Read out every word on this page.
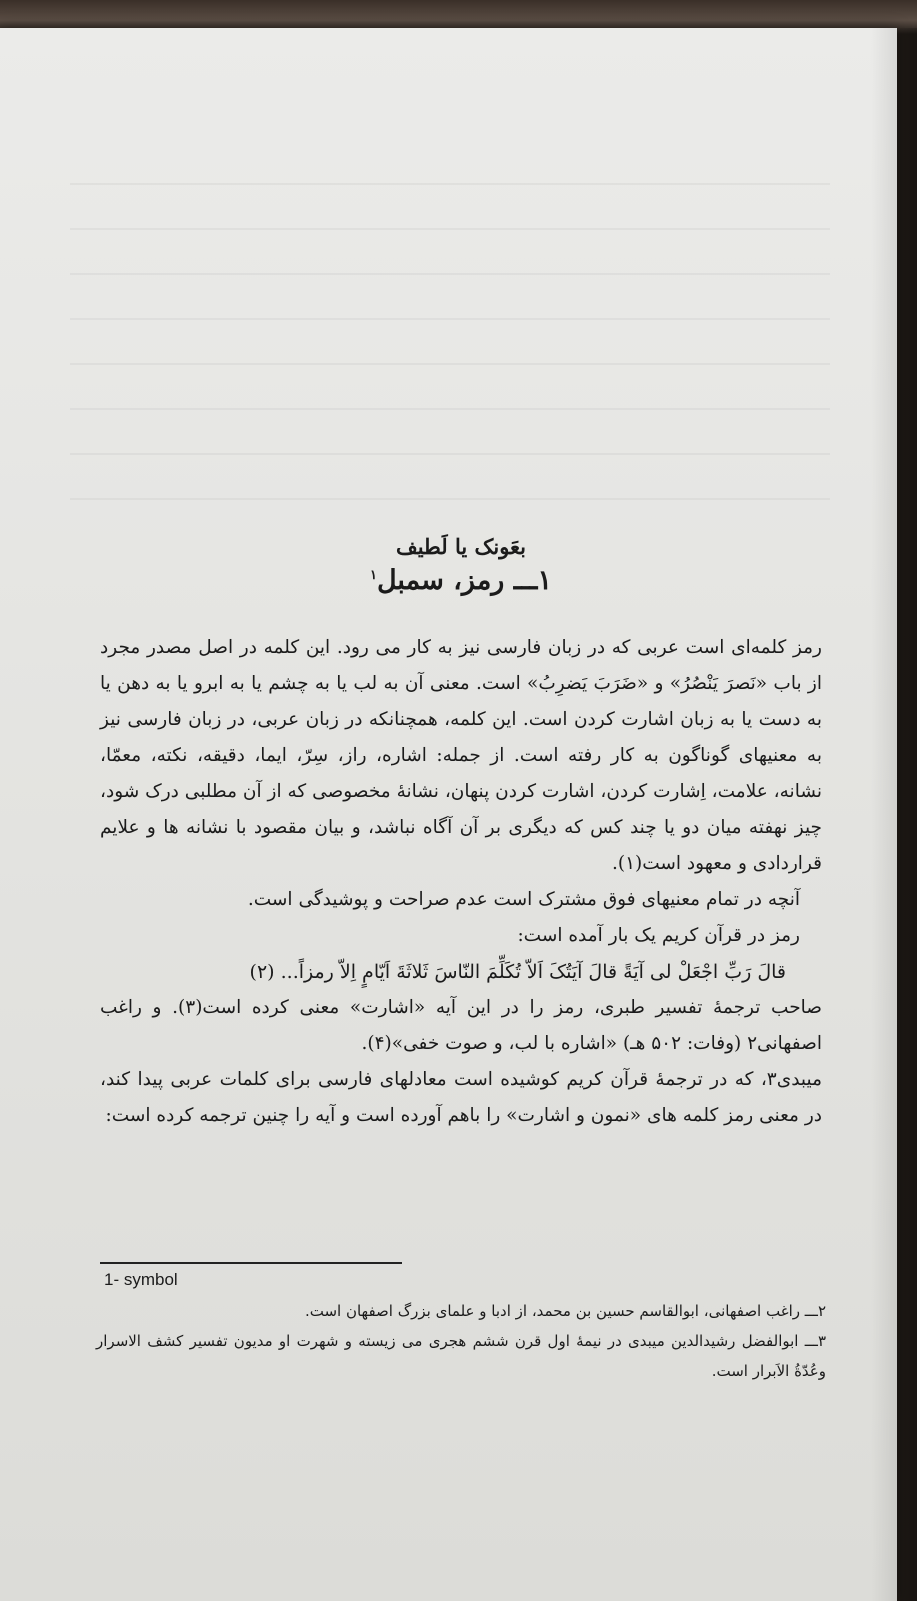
بعَونک یا لَطیف
۱ـــ رمز، سمبل$^۱$

رمز کلمه‌ای است عربی که در زبان فارسی نیز به کار می رود. این کلمه در اصل مصدر مجرد از باب «نَصرَ یَنْصُرُ» و «ضَرَبَ یَضرِبُ» است. معنی آن به لب یا به چشم یا به ابرو یا به دهن یا به دست یا به زبان اشارت کردن است. این کلمه، همچنانکه در زبان عربی، در زبان فارسی نیز به معنیهای گوناگون به کار رفته است. از جمله: اشاره، راز، سِرّ، ایما، دقیقه، نکته، معمّا، نشانه، علامت، اِشارت کردن، اشارت کردن پنهان، نشانهٔ مخصوصی که از آن مطلبی درک شود، چیز نهفته میان دو یا چند کس که دیگری بر آن آگاه نباشد، و بیان مقصود با نشانه ها و علایم قراردادی و معهود است(۱).

آنچه در تمام معنیهای فوق مشترک است عدم صراحت و پوشیدگی است.

رمز در قرآن کریم یک بار آمده است:

قالَ رَبِّ اجْعَلْ لی آیَةً قالَ آیَتُکَ اَلاّ تُکَلِّمَ النّاسَ ثَلاثَةَ اَیّامٍ اِلاّ رمزاً... (۲)

صاحب ترجمهٔ تفسیر طبری، رمز را در این آیه «اشارت» معنی کرده است(۳). و راغب اصفهانی۲ (وفات: ۵۰۲ هـ) «اشاره با لب، و صوت خفی»(۴).

میبدی۳، که در ترجمهٔ قرآن کریم کوشیده است معادلهای فارسی برای کلمات عربی پیدا کند، در معنی رمز کلمه های «نمون و اشارت» را باهم آورده است و آیه را چنین ترجمه کرده است:

1- symbol
۲ـــ راغب اصفهانی، ابوالقاسم حسین بن محمد، از ادبا و علمای بزرگ اصفهان است.
۳ـــ ابوالفضل رشیدالدین میبدی در نیمهٔ اول قرن ششم هجری می زیسته و شهرت او مدیون تفسیر کشف الاسرار وعُدّةُ الاَبرار است.
